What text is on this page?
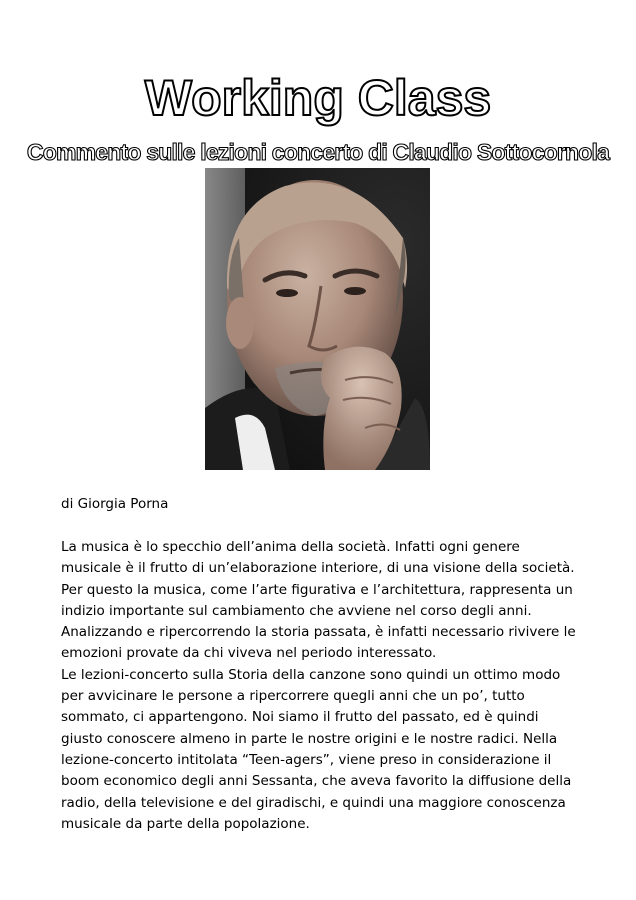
Working Class
Commento sulle lezioni concerto di Claudio Sottocornola

di Giorgia Porna

La musica è lo specchio dell’anima della società. Infatti ogni genere musicale è il frutto di un’elaborazione interiore, di una visione della società. Per questo la musica, come l’arte figurativa e l’architettura, rappresenta un indizio importante sul cambiamento che avviene nel corso degli anni. Analizzando e ripercorrendo la storia passata, è infatti necessario rivivere le emozioni provate da chi viveva nel periodo interessato.

Le lezioni-concerto sulla Storia della canzone sono quindi un ottimo modo per avvicinare le persone a ripercorrere quegli anni che un po’, tutto sommato, ci appartengono. Noi siamo il frutto del passato, ed è quindi giusto conoscere almeno in parte le nostre origini e le nostre radici. Nella lezione-concerto intitolata “Teen-agers”, viene preso in considerazione il boom economico degli anni Sessanta, che aveva favorito la diffusione della radio, della televisione e del giradischi, e quindi una maggiore conoscenza musicale da parte della popolazione.
